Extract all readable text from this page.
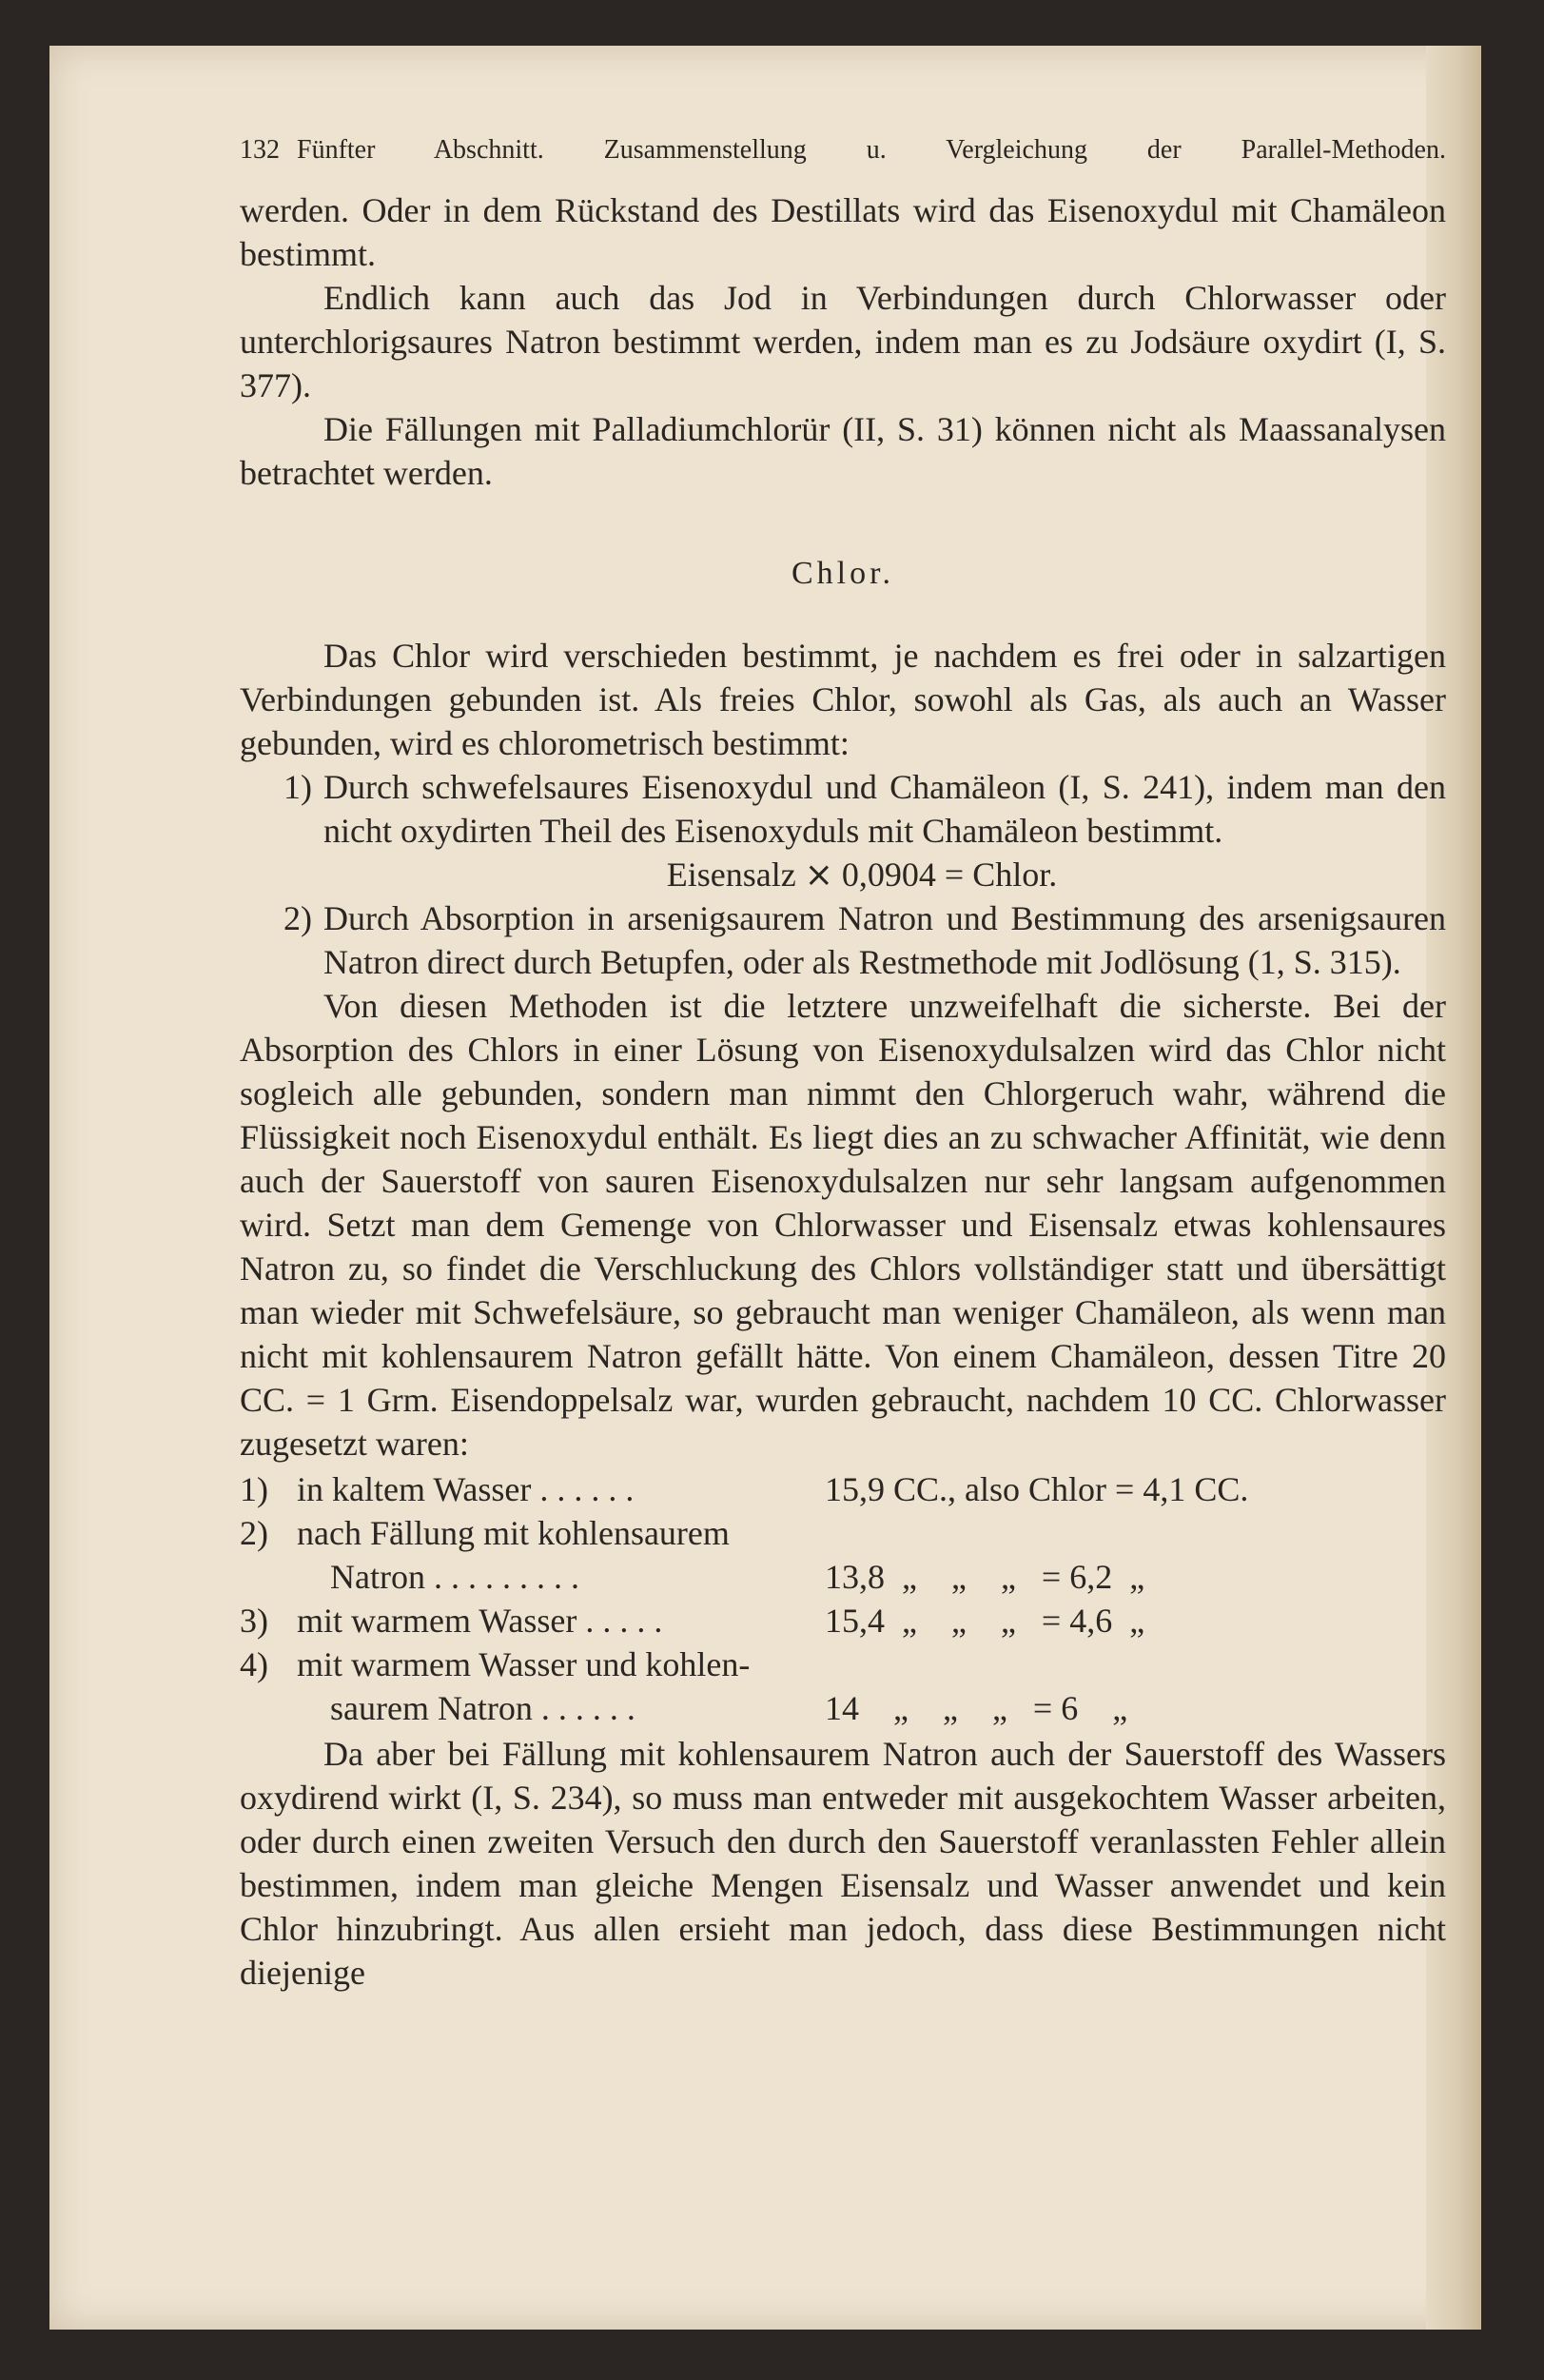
132 Fünfter Abschnitt. Zusammenstellung u. Vergleichung der Parallel-Methoden.

werden. Oder in dem Rückstand des Destillats wird das Eisenoxydul mit Chamäleon bestimmt.

Endlich kann auch das Jod in Verbindungen durch Chlorwasser oder unterchlorigsaures Natron bestimmt werden, indem man es zu Jodsäure oxydirt (I, S. 377).

Die Fällungen mit Palladiumchlorür (II, S. 31) können nicht als Maassanalysen betrachtet werden.

Chlor.

Das Chlor wird verschieden bestimmt, je nachdem es frei oder in salzartigen Verbindungen gebunden ist. Als freies Chlor, sowohl als Gas, als auch an Wasser gebunden, wird es chlorometrisch bestimmt:

1) Durch schwefelsaures Eisenoxydul und Chamäleon (I, S. 241), indem man den nicht oxydirten Theil des Eisenoxyduls mit Chamäleon bestimmt.
Eisensalz ⨯ 0,0904 = Chlor.
2) Durch Absorption in arsenigsaurem Natron und Bestimmung des arsenigsauren Natron direct durch Betupfen, oder als Restmethode mit Jodlösung (1, S. 315).

Von diesen Methoden ist die letztere unzweifelhaft die sicherste. Bei der Absorption des Chlors in einer Lösung von Eisenoxydulsalzen wird das Chlor nicht sogleich alle gebunden, sondern man nimmt den Chlorgeruch wahr, während die Flüssigkeit noch Eisenoxydul enthält. Es liegt dies an zu schwacher Affinität, wie denn auch der Sauerstoff von sauren Eisenoxydulsalzen nur sehr langsam aufgenommen wird. Setzt man dem Gemenge von Chlorwasser und Eisensalz etwas kohlensaures Natron zu, so findet die Verschluckung des Chlors vollständiger statt und übersättigt man wieder mit Schwefelsäure, so gebraucht man weniger Chamäleon, als wenn man nicht mit kohlensaurem Natron gefällt hätte. Von einem Chamäleon, dessen Titre 20 CC. = 1 Grm. Eisendoppelsalz war, wurden gebraucht, nachdem 10 CC. Chlorwasser zugesetzt waren:

1) in kaltem Wasser . . . . . .	15,9 CC., also Chlor = 4,1 CC.
2) nach Fällung mit kohlensaurem
Natron . . . . . . . . .	13,8  „    „    „   = 6,2  „
3) mit warmem Wasser . . . . .	15,4  „    „    „   = 4,6  „
4) mit warmem Wasser und kohlen-
saurem Natron . . . . . .	14    „    „    „   = 6    „

Da aber bei Fällung mit kohlensaurem Natron auch der Sauerstoff des Wassers oxydirend wirkt (I, S. 234), so muss man entweder mit ausgekochtem Wasser arbeiten, oder durch einen zweiten Versuch den durch den Sauerstoff veranlassten Fehler allein bestimmen, indem man gleiche Mengen Eisensalz und Wasser anwendet und kein Chlor hinzubringt. Aus allen ersieht man jedoch, dass diese Bestimmungen nicht diejenige
